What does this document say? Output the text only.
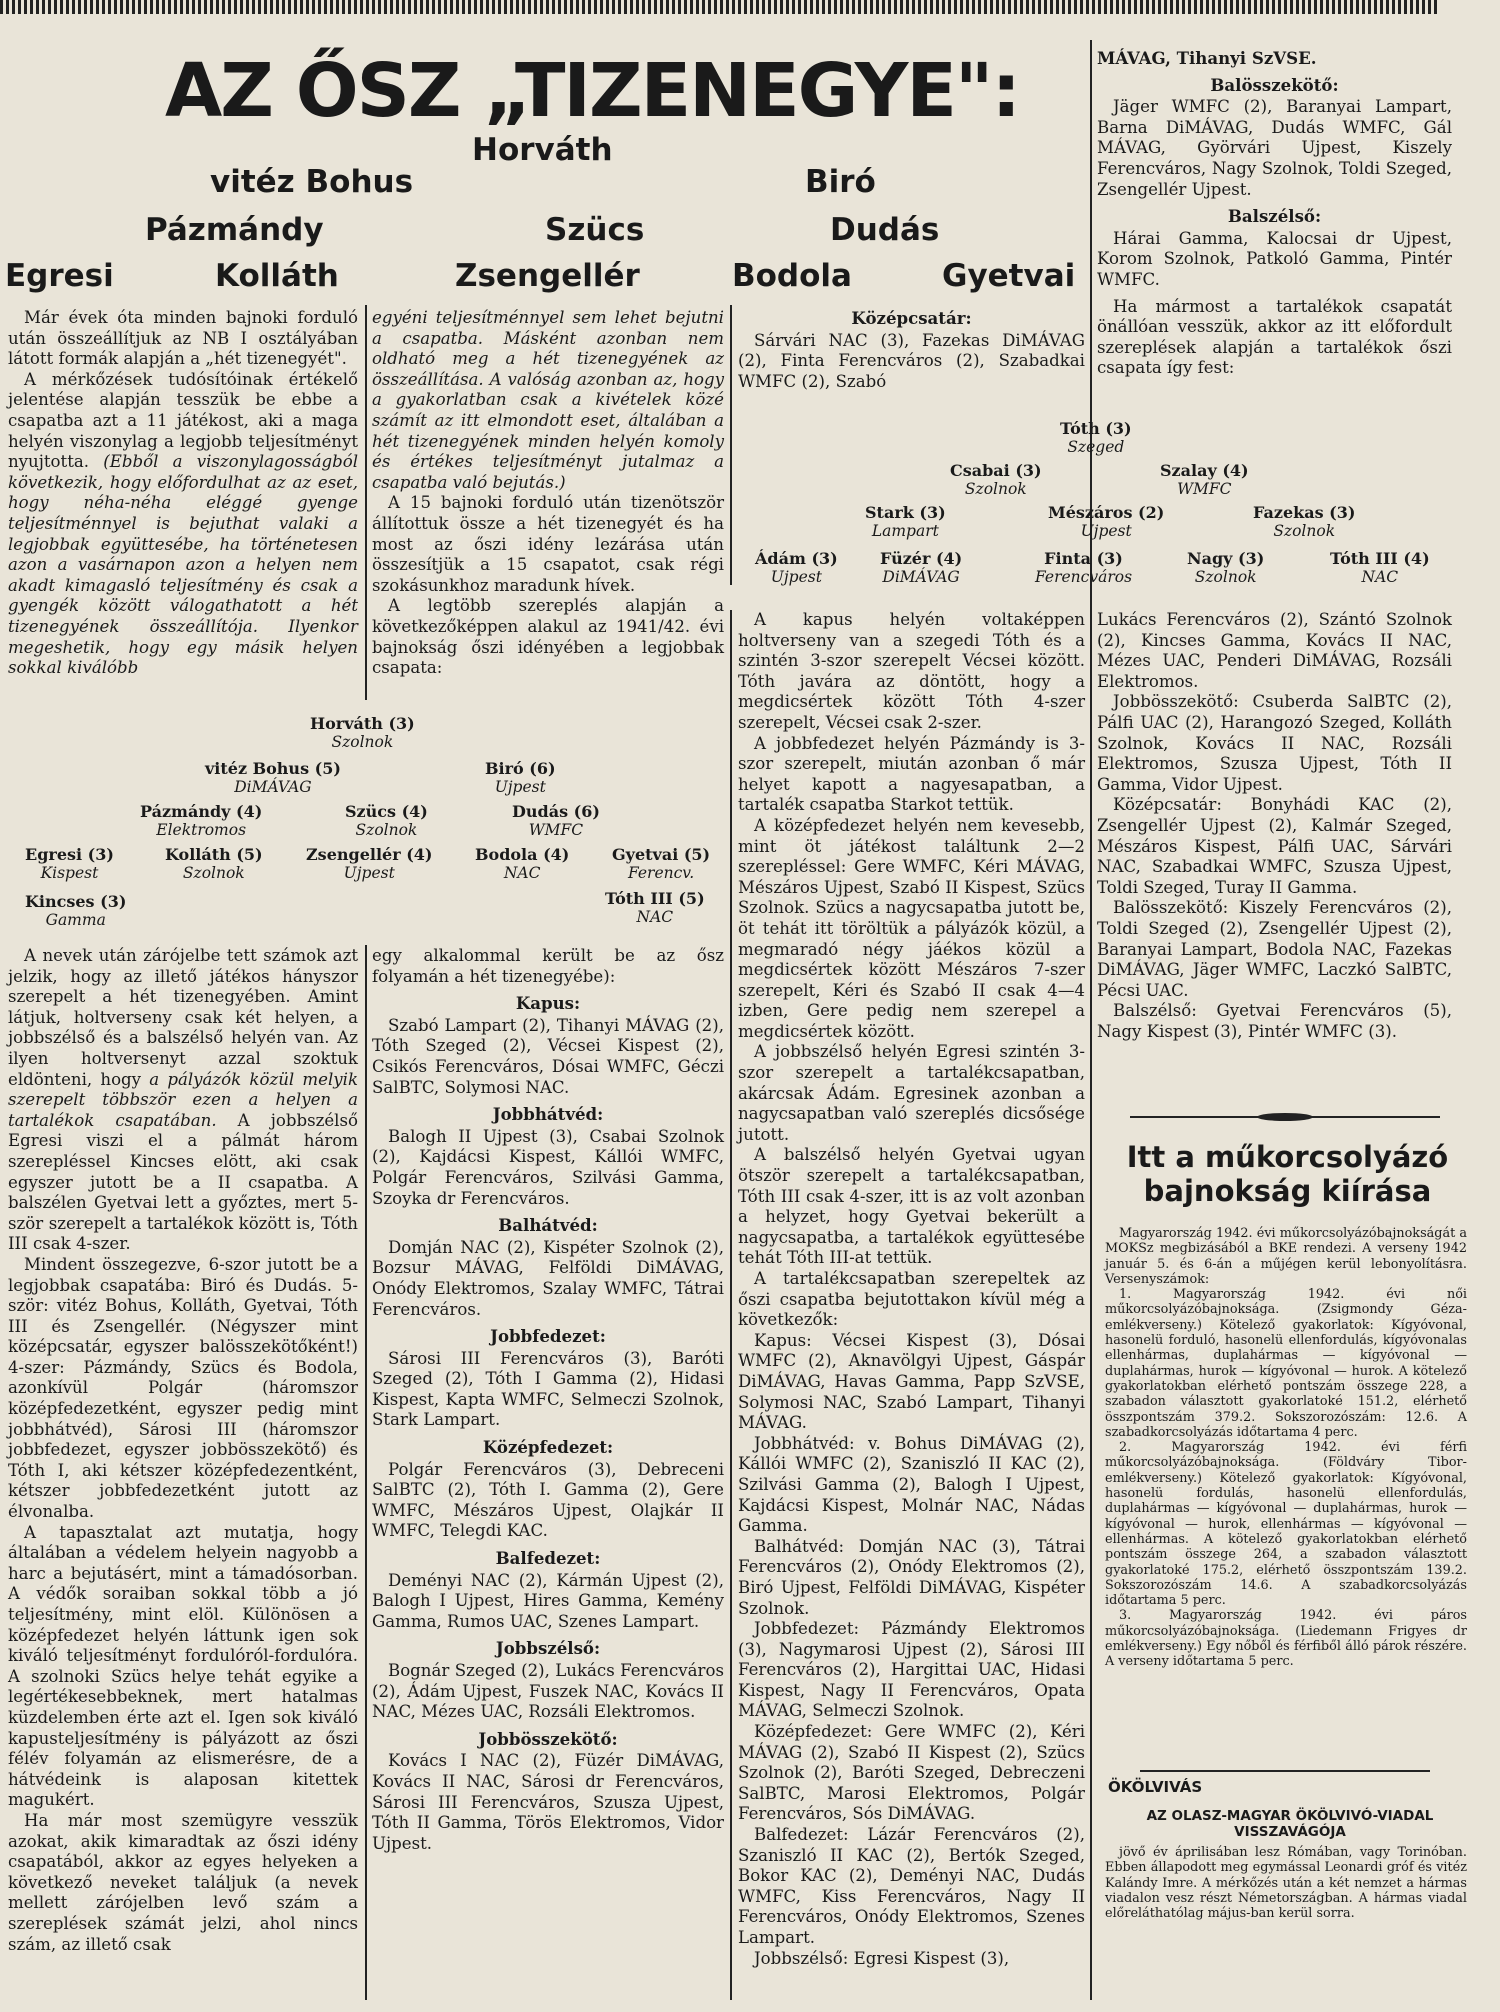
AZ ŐSZ „TIZENEGYE":
Horváth
vitéz Bohus	Biró
Pázmándy	Szücs	Dudás
Egresi	Kolláth	Zsengellér	Bodola	Gyetvai

Már évek óta minden bajnoki forduló után összeállítjuk az NB I osztályában látott formák alapján a „hét tizenegyét".

A mérkőzések tudósítóinak értékelő jelentése alapján tesszük be ebbe a csapatba azt a 11 játékost, aki a maga helyén viszonylag a legjobb teljesítményt nyujtotta. (Ebből a viszonylagosságból következik, hogy előfordulhat az az eset, hogy néha-néha eléggé gyenge teljesítménnyel is bejuthat valaki a legjobbak együttesébe, ha történetesen azon a vasárnapon azon a helyen nem akadt kimagasló teljesítmény és csak a gyengék között válogathatott a hét tizenegyének összeállítója. Ilyenkor megeshetik, hogy egy másik helyen sokkal kiválóbb

egyéni teljesítménnyel sem lehet bejutni a csapatba. Másként azonban nem oldható meg a hét tizenegyének az összeállítása. A valóság azonban az, hogy a gyakorlatban csak a kivételek közé számít az itt elmondott eset, általában a hét tizenegyének minden helyén komoly és értékes teljesítményt jutalmaz a csapatba való bejutás.)

A 15 bajnoki forduló után tizenötször állítottuk össze a hét tizenegyét és ha most az őszi idény lezárása után összesítjük a 15 csapatot, csak régi szokásunkhoz maradunk hívek.

A legtöbb szereplés alapján a következőképpen alakul az 1941/42. évi bajnokság őszi idényében a legjobbak csapata:

Horváth (3)
Szolnok
vitéz Bohus (5)
DiMÁVAG
Biró (6)
Ujpest
Pázmándy (4)
Elektromos
Szücs (4)
Szolnok
Dudás (6)
WMFC
Egresi (3)
Kispest
Kolláth (5)
Szolnok
Zsengellér (4)
Ujpest
Bodola (4)
NAC
Gyetvai (5)
Ferencv.
Kincses (3)
Gamma
Tóth III (5)
NAC

A nevek után zárójelbe tett számok azt jelzik, hogy az illető játékos hányszor szerepelt a hét tizenegyében. Amint látjuk, holtverseny csak két helyen, a jobbszélső és a balszélső helyén van. Az ilyen holtversenyt azzal szoktuk eldönteni, hogy a pályázók közül melyik szerepelt többször ezen a helyen a tartalékok csapatában. A jobbszélső Egresi viszi el a pálmát három szerepléssel Kincses elött, aki csak egyszer jutott be a II csapatba. A balszélen Gyetvai lett a győztes, mert 5-ször szerepelt a tartalékok között is, Tóth III csak 4-szer.

Mindent összegezve, 6-szor jutott be a legjobbak csapatába: Biró és Dudás. 5-ször: vitéz Bohus, Kolláth, Gyetvai, Tóth III és Zsengellér. (Négyszer mint középcsatár, egyszer balösszekötőként!) 4-szer: Pázmándy, Szücs és Bodola, azonkívül Polgár (háromszor középfedezetként, egyszer pedig mint jobbhátvéd), Sárosi III (háromszor jobbfedezet, egyszer jobbösszekötő) és Tóth I, aki kétszer középfedezentként, kétszer jobbfedezetként jutott az élvonalba.

A tapasztalat azt mutatja, hogy általában a védelem helyein nagyobb a harc a bejutásért, mint a támadósorban. A védők soraiban sokkal több a jó teljesítmény, mint elöl. Különösen a középfedezet helyén láttunk igen sok kiváló teljesítményt fordulóról-fordulóra. A szolnoki Szücs helye tehát egyike a legértékesebbeknek, mert hatalmas küzdelemben érte azt el. Igen sok kiváló kapusteljesítmény is pályázott az őszi félév folyamán az elismerésre, de a hátvédeink is alaposan kitettek magukért.

Ha már most szemügyre vesszük azokat, akik kimaradtak az őszi idény csapatából, akkor az egyes helyeken a következő neveket találjuk (a nevek mellett zárójelben levő szám a szereplések számát jelzi, ahol nincs szám, az illető csak

egy alkalommal került be az ősz folyamán a hét tizenegyébe):

Kapus:

Szabó Lampart (2), Tihanyi MÁVAG (2), Tóth Szeged (2), Vécsei Kispest (2), Csikós Ferencváros, Dósai WMFC, Géczi SalBTC, Solymosi NAC.

Jobbhátvéd:

Balogh II Ujpest (3), Csabai Szolnok (2), Kajdácsi Kispest, Kállói WMFC, Polgár Ferencváros, Szilvási Gamma, Szoyka dr Ferencváros.

Balhátvéd:

Domján NAC (2), Kispéter Szolnok (2), Bozsur MÁVAG, Felföldi DiMÁVAG, Onódy Elektromos, Szalay WMFC, Tátrai Ferencváros.

Jobbfedezet:

Sárosi III Ferencváros (3), Baróti Szeged (2), Tóth I Gamma (2), Hidasi Kispest, Kapta WMFC, Selmeczi Szolnok, Stark Lampart.

Középfedezet:

Polgár Ferencváros (3), Debreceni SalBTC (2), Tóth I. Gamma (2), Gere WMFC, Mészáros Ujpest, Olajkár II WMFC, Telegdi KAC.

Balfedezet:

Deményi NAC (2), Kármán Ujpest (2), Balogh I Ujpest, Hires Gamma, Kemény Gamma, Rumos UAC, Szenes Lampart.

Jobbszélső:

Bognár Szeged (2), Lukács Ferencváros (2), Ádám Ujpest, Fuszek NAC, Kovács II NAC, Mézes UAC, Rozsáli Elektromos.

Jobbösszekötő:

Kovács I NAC (2), Füzér DiMÁVAG, Kovács II NAC, Sárosi dr Ferencváros, Sárosi III Ferencváros, Szusza Ujpest, Tóth II Gamma, Törös Elektromos, Vidor Ujpest.

Középcsatár:

Sárvári NAC (3), Fazekas DiMÁVAG (2), Finta Ferencváros (2), Szabadkai WMFC (2), Szabó

MÁVAG, Tihanyi SzVSE.

Balösszekötő:

Jäger WMFC (2), Baranyai Lampart, Barna DiMÁVAG, Dudás WMFC, Gál MÁVAG, Györvári Ujpest, Kiszely Ferencváros, Nagy Szolnok, Toldi Szeged, Zsengellér Ujpest.

Balszélső:

Hárai Gamma, Kalocsai dr Ujpest, Korom Szolnok, Patkoló Gamma, Pintér WMFC.

Ha mármost a tartalékok csapatát önállóan vesszük, akkor az itt előfordult szereplések alapján a tartalékok őszi csapata így fest:

Tóth (3)
Szeged
Csabai (3)
Szolnok
Szalay (4)
WMFC
Stark (3)
Lampart
Mészáros (2)
Ujpest
Fazekas (3)
Szolnok
Ádám (3)
Ujpest
Füzér (4)
DiMÁVAG
Finta (3)
Ferencváros
Nagy (3)
Szolnok
Tóth III (4)
NAC

A kapus helyén voltaképpen holtverseny van a szegedi Tóth és a szintén 3-szor szerepelt Vécsei között. Tóth javára az döntött, hogy a megdicsértek között Tóth 4-szer szerepelt, Vécsei csak 2-szer.

A jobbfedezet helyén Pázmándy is 3-szor szerepelt, miután azonban ő már helyet kapott a nagyesapatban, a tartalék csapatba Starkot tettük.

A középfedezet helyén nem kevesebb, mint öt játékost találtunk 2—2 szerepléssel: Gere WMFC, Kéri MÁVAG, Mészáros Ujpest, Szabó II Kispest, Szücs Szolnok. Szücs a nagycsapatba jutott be, öt tehát itt töröltük a pályázók közül, a megmaradó négy jáékos közül a megdicsértek között Mészáros 7-szer szerepelt, Kéri és Szabó II csak 4—4 izben, Gere pedig nem szerepel a megdicsértek között.

A jobbszélső helyén Egresi szintén 3-szor szerepelt a tartalékcsapatban, akárcsak Ádám. Egresinek azonban a nagycsapatban való szereplés dicsősége jutott.

A balszélső helyén Gyetvai ugyan ötször szerepelt a tartalékcsapatban, Tóth III csak 4-szer, itt is az volt azonban a helyzet, hogy Gyetvai bekerült a nagycsapatba, a tartalékok együttesébe tehát Tóth III-at tettük.

A tartalékcsapatban szerepeltek az őszi csapatba bejutottakon kívül még a következők:

Kapus: Vécsei Kispest (3), Dósai WMFC (2), Aknavölgyi Ujpest, Gáspár DiMÁVAG, Havas Gamma, Papp SzVSE, Solymosi NAC, Szabó Lampart, Tihanyi MÁVAG.

Jobbhátvéd: v. Bohus DiMÁVAG (2), Kállói WMFC (2), Szaniszló II KAC (2), Szilvási Gamma (2), Balogh I Ujpest, Kajdácsi Kispest, Molnár NAC, Nádas Gamma.

Balhátvéd: Domján NAC (3), Tátrai Ferencváros (2), Onódy Elektromos (2), Biró Ujpest, Felföldi DiMÁVAG, Kispéter Szolnok.

Jobbfedezet: Pázmándy Elektromos (3), Nagymarosi Ujpest (2), Sárosi III Ferencváros (2), Hargittai UAC, Hidasi Kispest, Nagy II Ferencváros, Opata MÁVAG, Selmeczi Szolnok.

Középfedezet: Gere WMFC (2), Kéri MÁVAG (2), Szabó II Kispest (2), Szücs Szolnok (2), Baróti Szeged, Debreczeni SalBTC, Marosi Elektromos, Polgár Ferencváros, Sós DiMÁVAG.

Balfedezet: Lázár Ferencváros (2), Szaniszló II KAC (2), Bertók Szeged, Bokor KAC (2), Deményi NAC, Dudás WMFC, Kiss Ferencváros, Nagy II Ferencváros, Onódy Elektromos, Szenes Lampart.

Jobbszélső: Egresi Kispest (3),

Lukács Ferencváros (2), Szántó Szolnok (2), Kincses Gamma, Kovács II NAC, Mézes UAC, Penderi DiMÁVAG, Rozsáli Elektromos.

Jobbösszekötő: Csuberda SalBTC (2), Pálfi UAC (2), Harangozó Szeged, Kolláth Szolnok, Kovács II NAC, Rozsáli Elektromos, Szusza Ujpest, Tóth II Gamma, Vidor Ujpest.

Középcsatár: Bonyhádi KAC (2), Zsengellér Ujpest (2), Kalmár Szeged, Mészáros Kispest, Pálfi UAC, Sárvári NAC, Szabadkai WMFC, Szusza Ujpest, Toldi Szeged, Turay II Gamma.

Balösszekötő: Kiszely Ferencváros (2), Toldi Szeged (2), Zsengellér Ujpest (2), Baranyai Lampart, Bodola NAC, Fazekas DiMÁVAG, Jäger WMFC, Laczkó SalBTC, Pécsi UAC.

Balszélső: Gyetvai Ferencváros (5), Nagy Kispest (3), Pintér WMFC (3).

Itt a műkorcsolyázó bajnokság kiírása

Magyarország 1942. évi műkorcsolyázóbajnokságát a MOKSz megbizásából a BKE rendezi. A verseny 1942 január 5. és 6-án a műjégen kerül lebonyolításra. Versenyszámok:

1. Magyarország 1942. évi női műkorcsolyázóbajnoksága. (Zsigmondy Géza-emlékverseny.) Kötelező gyakorlatok: Kígyóvonal, hasonelü forduló, hasonelü ellenfordulás, kígyóvonalas ellenhármas, duplahármas — kígyóvonal — duplahármas, hurok — kígyóvonal — hurok. A kötelező gyakorlatokban elérhető pontszám összege 228, a szabadon választott gyakorlatoké 151.2, elérhető összpontszám 379.2. Sokszorozószám: 12.6. A szabadkorcsolyázás időtartama 4 perc.

2. Magyarország 1942. évi férfi műkorcsolyázóbajnoksága. (Földváry Tibor-emlékverseny.) Kötelező gyakorlatok: Kígyóvonal, hasonelü fordulás, hasonelü ellenfordulás, duplahármas — kígyóvonal — duplahármas, hurok — kígyóvonal — hurok, ellenhármas — kígyóvonal — ellenhármas. A kötelező gyakorlatokban elérhető pontszám összege 264, a szabadon választott gyakorlatoké 175.2, elérhető összpontszám 139.2. Sokszorozószám 14.6. A szabadkorcsolyázás időtartama 5 perc.

3. Magyarország 1942. évi páros műkorcsolyázóbajnoksága. (Liedemann Frigyes dr emlékverseny.) Egy nőből és férfiből álló párok részére. A verseny időtartama 5 perc.

ÖKÖLVIVÁS
AZ OLASZ-MAGYAR ÖKÖLVIVÓ-VIADAL VISSZAVÁGÓJA

jövő év áprilisában lesz Rómában, vagy Torinóban. Ebben állapodott meg egymással Leonardi gróf és vitéz Kalándy Imre. A mérkőzés után a két nemzet a hármas viadalon vesz részt Németországban. A hármas viadal előreláthatólag május-ban kerül sorra.
